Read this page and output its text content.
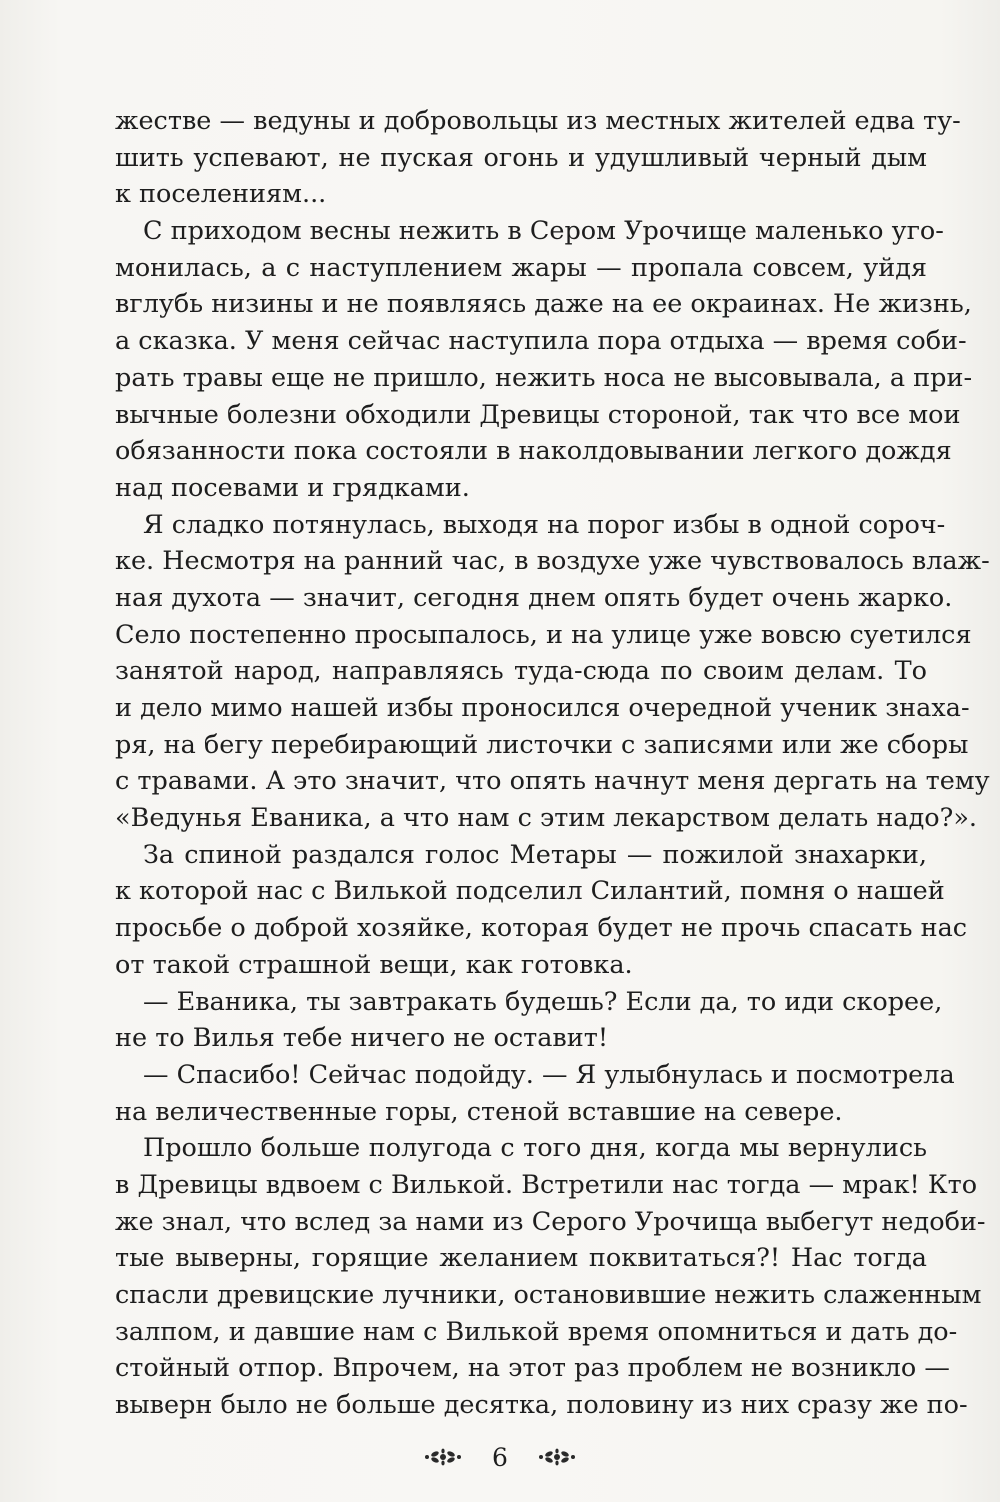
жестве — ведуны и добровольцы из местных жителей едва ту-
шить успевают, не пуская огонь и удушливый черный дым
к поселениям...
С приходом весны нежить в Сером Урочище маленько уго-
монилась, а с наступлением жары — пропала совсем, уйдя
вглубь низины и не появляясь даже на ее окраинах. Не жизнь,
а сказка. У меня сейчас наступила пора отдыха — время соби-
рать травы еще не пришло, нежить носа не высовывала, а при-
вычные болезни обходили Древицы стороной, так что все мои
обязанности пока состояли в наколдовывании легкого дождя
над посевами и грядками.
Я сладко потянулась, выходя на порог избы в одной сороч-
ке. Несмотря на ранний час, в воздухе уже чувствовалось влаж-
ная духота — значит, сегодня днем опять будет очень жарко.
Село постепенно просыпалось, и на улице уже вовсю суетился
занятой народ, направляясь туда-сюда по своим делам. То
и дело мимо нашей избы проносился очередной ученик знаха-
ря, на бегу перебирающий листочки с записями или же сборы
с травами. А это значит, что опять начнут меня дергать на тему
«Ведунья Еваника, а что нам с этим лекарством делать надо?».
За спиной раздался голос Метары — пожилой знахарки,
к которой нас с Вилькой подселил Силантий, помня о нашей
просьбе о доброй хозяйке, которая будет не прочь спасать нас
от такой страшной вещи, как готовка.
— Еваника, ты завтракать будешь? Если да, то иди скорее,
не то Вилья тебе ничего не оставит!
— Спасибо! Сейчас подойду. — Я улыбнулась и посмотрела
на величественные горы, стеной вставшие на севере.
Прошло больше полугода с того дня, когда мы вернулись
в Древицы вдвоем с Вилькой. Встретили нас тогда — мрак! Кто
же знал, что вслед за нами из Серого Урочища выбегут недоби-
тые выверны, горящие желанием поквитаться?! Нас тогда
спасли древицские лучники, остановившие нежить слаженным
залпом, и давшие нам с Вилькой время опомниться и дать до-
стойный отпор. Впрочем, на этот раз проблем не возникло —
выверн было не больше десятка, половину из них сразу же по-
6
